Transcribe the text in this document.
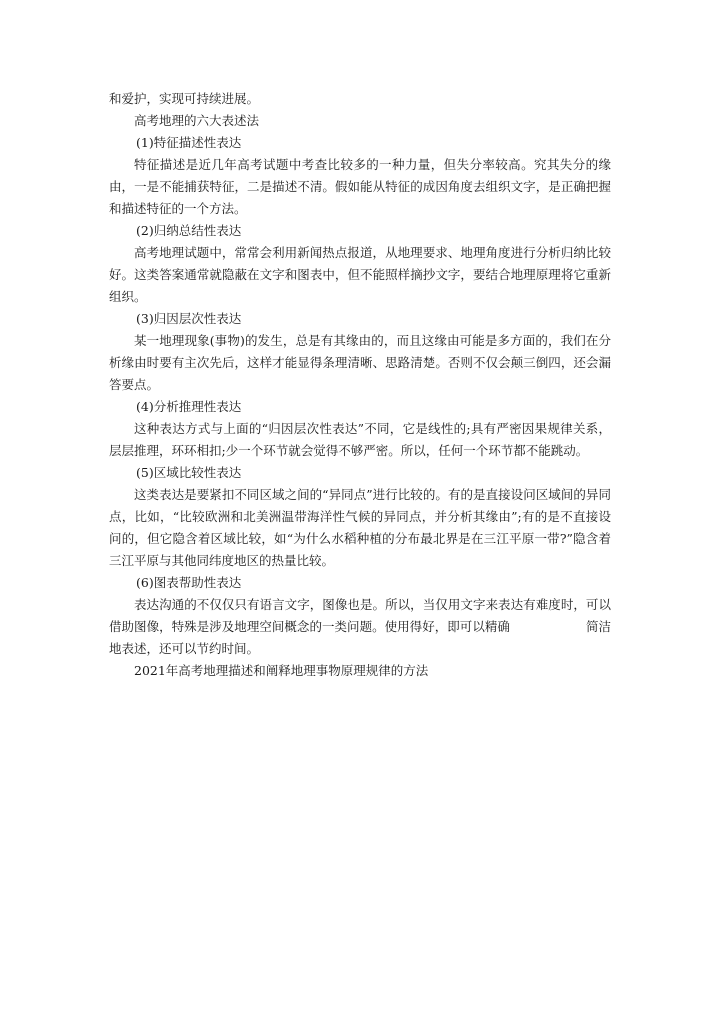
和爱护，实现可持续进展。

高考地理的六大表述法

(1)特征描述性表达

特征描述是近几年高考试题中考查比较多的一种力量，但失分率较高。究其失分的缘由，一是不能捕获特征，二是描述不清。假如能从特征的成因角度去组织文字，是正确把握和描述特征的一个方法。

(2)归纳总结性表达

高考地理试题中，常常会利用新闻热点报道，从地理要求、地理角度进行分析归纳比较好。这类答案通常就隐蔽在文字和图表中，但不能照样摘抄文字，要结合地理原理将它重新组织。

(3)归因层次性表达

某一地理现象(事物)的发生，总是有其缘由的，而且这缘由可能是多方面的，我们在分析缘由时要有主次先后，这样才能显得条理清晰、思路清楚。否则不仅会颠三倒四，还会漏答要点。

(4)分析推理性表达

这种表达方式与上面的“归因层次性表达”不同，它是线性的;具有严密因果规律关系，层层推理，环环相扣;少一个环节就会觉得不够严密。所以，任何一个环节都不能跳动。

(5)区域比较性表达

这类表达是要紧扣不同区域之间的“异同点”进行比较的。有的是直接设问区域间的异同点，比如，“比较欧洲和北美洲温带海洋性气候的异同点，并分析其缘由”;有的是不直接设问的，但它隐含着区域比较，如“为什么水稻种植的分布最北界是在三江平原一带?”隐含着三江平原与其他同纬度地区的热量比较。

(6)图表帮助性表达

表达沟通的不仅仅只有语言文字，图像也是。所以，当仅用文字来表达有难度时，可以借助图像，特殊是涉及地理空间概念的一类问题。使用得好，即可以精确	简洁地表述，还可以节约时间。

2021年高考地理描述和阐释地理事物原理规律的方法
